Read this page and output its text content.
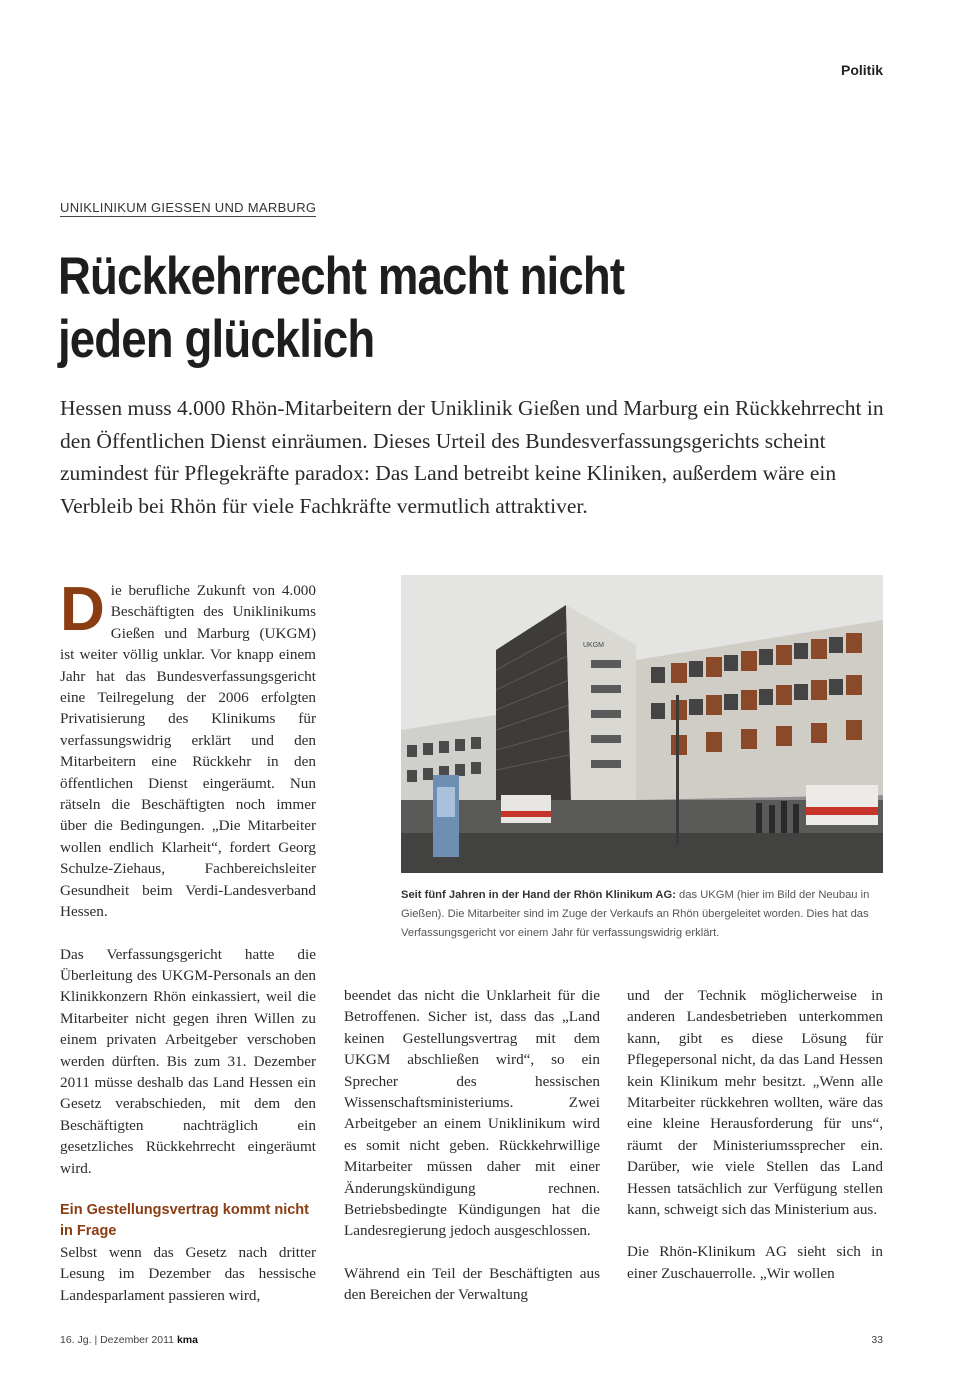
Politik
UNIKLINIKUM GIESSEN UND MARBURG
Rückkehrrecht macht nicht
jeden glücklich

Hessen muss 4.000 Rhön-Mitarbeitern der Uniklinik Gießen und Marburg ein Rückkehrrecht in den Öffentlichen Dienst einräumen. Dieses Urteil des Bundesverfassungsgerichts scheint zumindest für Pflegekräfte paradox: Das Land betreibt keine Kliniken, außerdem wäre ein Verbleib bei Rhön für viele Fachkräfte vermutlich attraktiver.

Die berufliche Zukunft von 4.000 Beschäftigten des Uniklinikums Gießen und Marburg (UKGM) ist weiter völlig unklar. Vor knapp einem Jahr hat das Bundesverfassungsgericht eine Teilregelung der 2006 erfolgten Privatisierung des Klinikums für verfassungswidrig erklärt und den Mitarbeitern eine Rückkehr in den öffentlichen Dienst eingeräumt. Nun rätseln die Beschäftigten noch immer über die Bedingungen. „Die Mitarbeiter wollen endlich Klarheit“, fordert Georg Schulze-Ziehaus, Fachbereichsleiter Gesundheit beim Verdi-Landesverband Hessen.

Das Verfassungsgericht hatte die Überleitung des UKGM-Personals an den Klinikkonzern Rhön einkassiert, weil die Mitarbeiter nicht gegen ihren Willen zu einem privaten Arbeitgeber verschoben werden dürften. Bis zum 31. Dezember 2011 müsse deshalb das Land Hessen ein Gesetz verabschieden, mit dem den Beschäftigten nachträglich ein gesetzliches Rückkehrrecht eingeräumt wird.

Ein Gestellungsvertrag kommt nicht in Frage

Selbst wenn das Gesetz nach dritter Lesung im Dezember das hessische Landesparlament passieren wird,

UKGM
Seit fünf Jahren in der Hand der Rhön Klinikum AG: das UKGM (hier im Bild der Neubau in Gießen). Die Mitarbeiter sind im Zuge der Verkaufs an Rhön übergeleitet worden. Dies hat das Verfassungsgericht vor einem Jahr für verfassungswidrig erklärt.

beendet das nicht die Unklarheit für die Betroffenen. Sicher ist, dass das „Land keinen Gestellungsvertrag mit dem UKGM abschließen wird“, so ein Sprecher des hessischen Wissenschaftsministeriums. Zwei Arbeitgeber an einem Uniklinikum wird es somit nicht geben. Rückkehrwillige Mitarbeiter müssen daher mit einer Änderungskündigung rechnen. Betriebsbedingte Kündigungen hat die Landesregierung jedoch ausgeschlossen.

Während ein Teil der Beschäftigten aus den Bereichen der Verwaltung

und der Technik möglicherweise in anderen Landesbetrieben unterkommen kann, gibt es diese Lösung für Pflegepersonal nicht, da das Land Hessen kein Klinikum mehr besitzt. „Wenn alle Mitarbeiter rückkehren wollten, wäre das eine kleine Herausforderung für uns“, räumt der Ministeriumssprecher ein. Darüber, wie viele Stellen das Land Hessen tatsächlich zur Verfügung stellen kann, schweigt sich das Ministerium aus.

Die Rhön-Klinikum AG sieht sich in einer Zuschauerrolle. „Wir wollen

16. Jg. | Dezember 2011 kma	33
